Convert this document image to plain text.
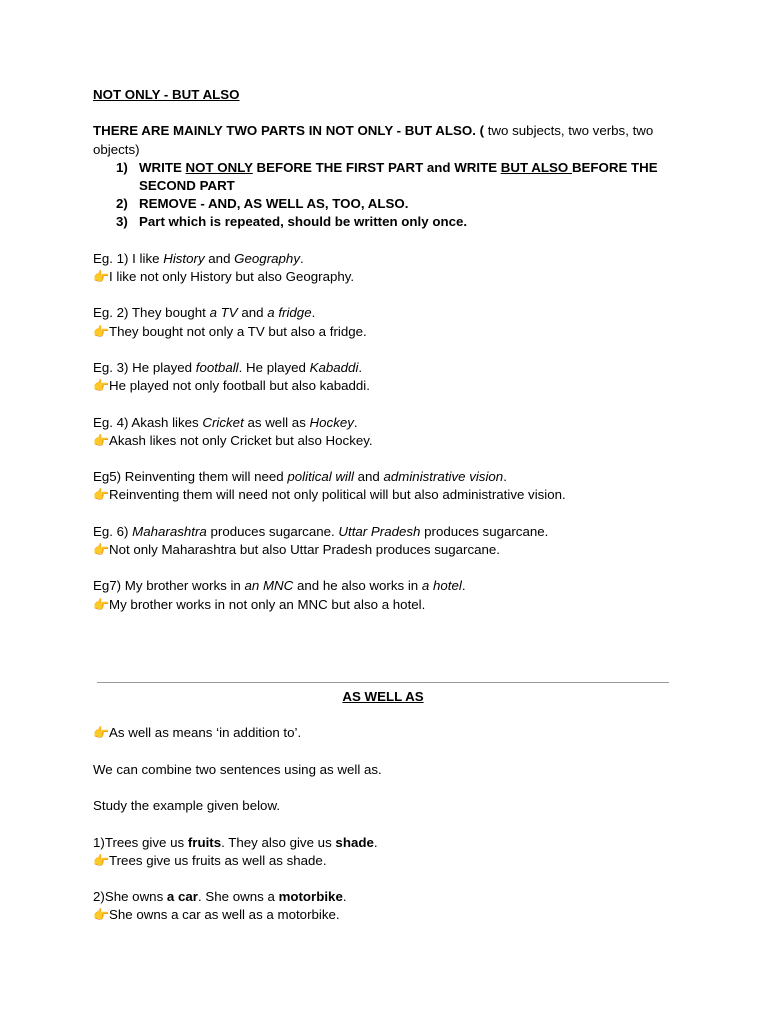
NOT ONLY - BUT ALSO

THERE ARE MAINLY TWO PARTS IN NOT ONLY - BUT ALSO. ( two subjects, two verbs, two objects)

1) WRITE NOT ONLY BEFORE THE FIRST PART and WRITE BUT ALSO BEFORE THE SECOND PART
2) REMOVE - AND, AS WELL AS, TOO, ALSO.
3) Part which is repeated, should be written only once.

Eg. 1) I like History and Geography.

👉I like not only History but also Geography.

Eg. 2) They bought a TV and a fridge.

👉They bought not only a TV but also a fridge.

Eg. 3) He played football. He played Kabaddi.

👉He played not only football but also kabaddi.

Eg. 4) Akash likes Cricket as well as Hockey.

👉Akash likes not only Cricket but also Hockey.

Eg5) Reinventing them will need political will and administrative vision.

👉Reinventing them will need not only political will but also administrative vision.

Eg. 6) Maharashtra produces sugarcane. Uttar Pradesh produces sugarcane.

👉Not only Maharashtra but also Uttar Pradesh produces sugarcane.

Eg7) My brother works in an MNC and he also works in a hotel.

👉My brother works in not only an MNC but also a hotel.

AS WELL AS

👉As well as means ‘in addition to’.

We can combine two sentences using as well as.

Study the example given below.

1)Trees give us fruits. They also give us shade.

👉Trees give us fruits as well as shade.

2)She owns a car. She owns a motorbike.

👉She owns a car as well as a motorbike.
